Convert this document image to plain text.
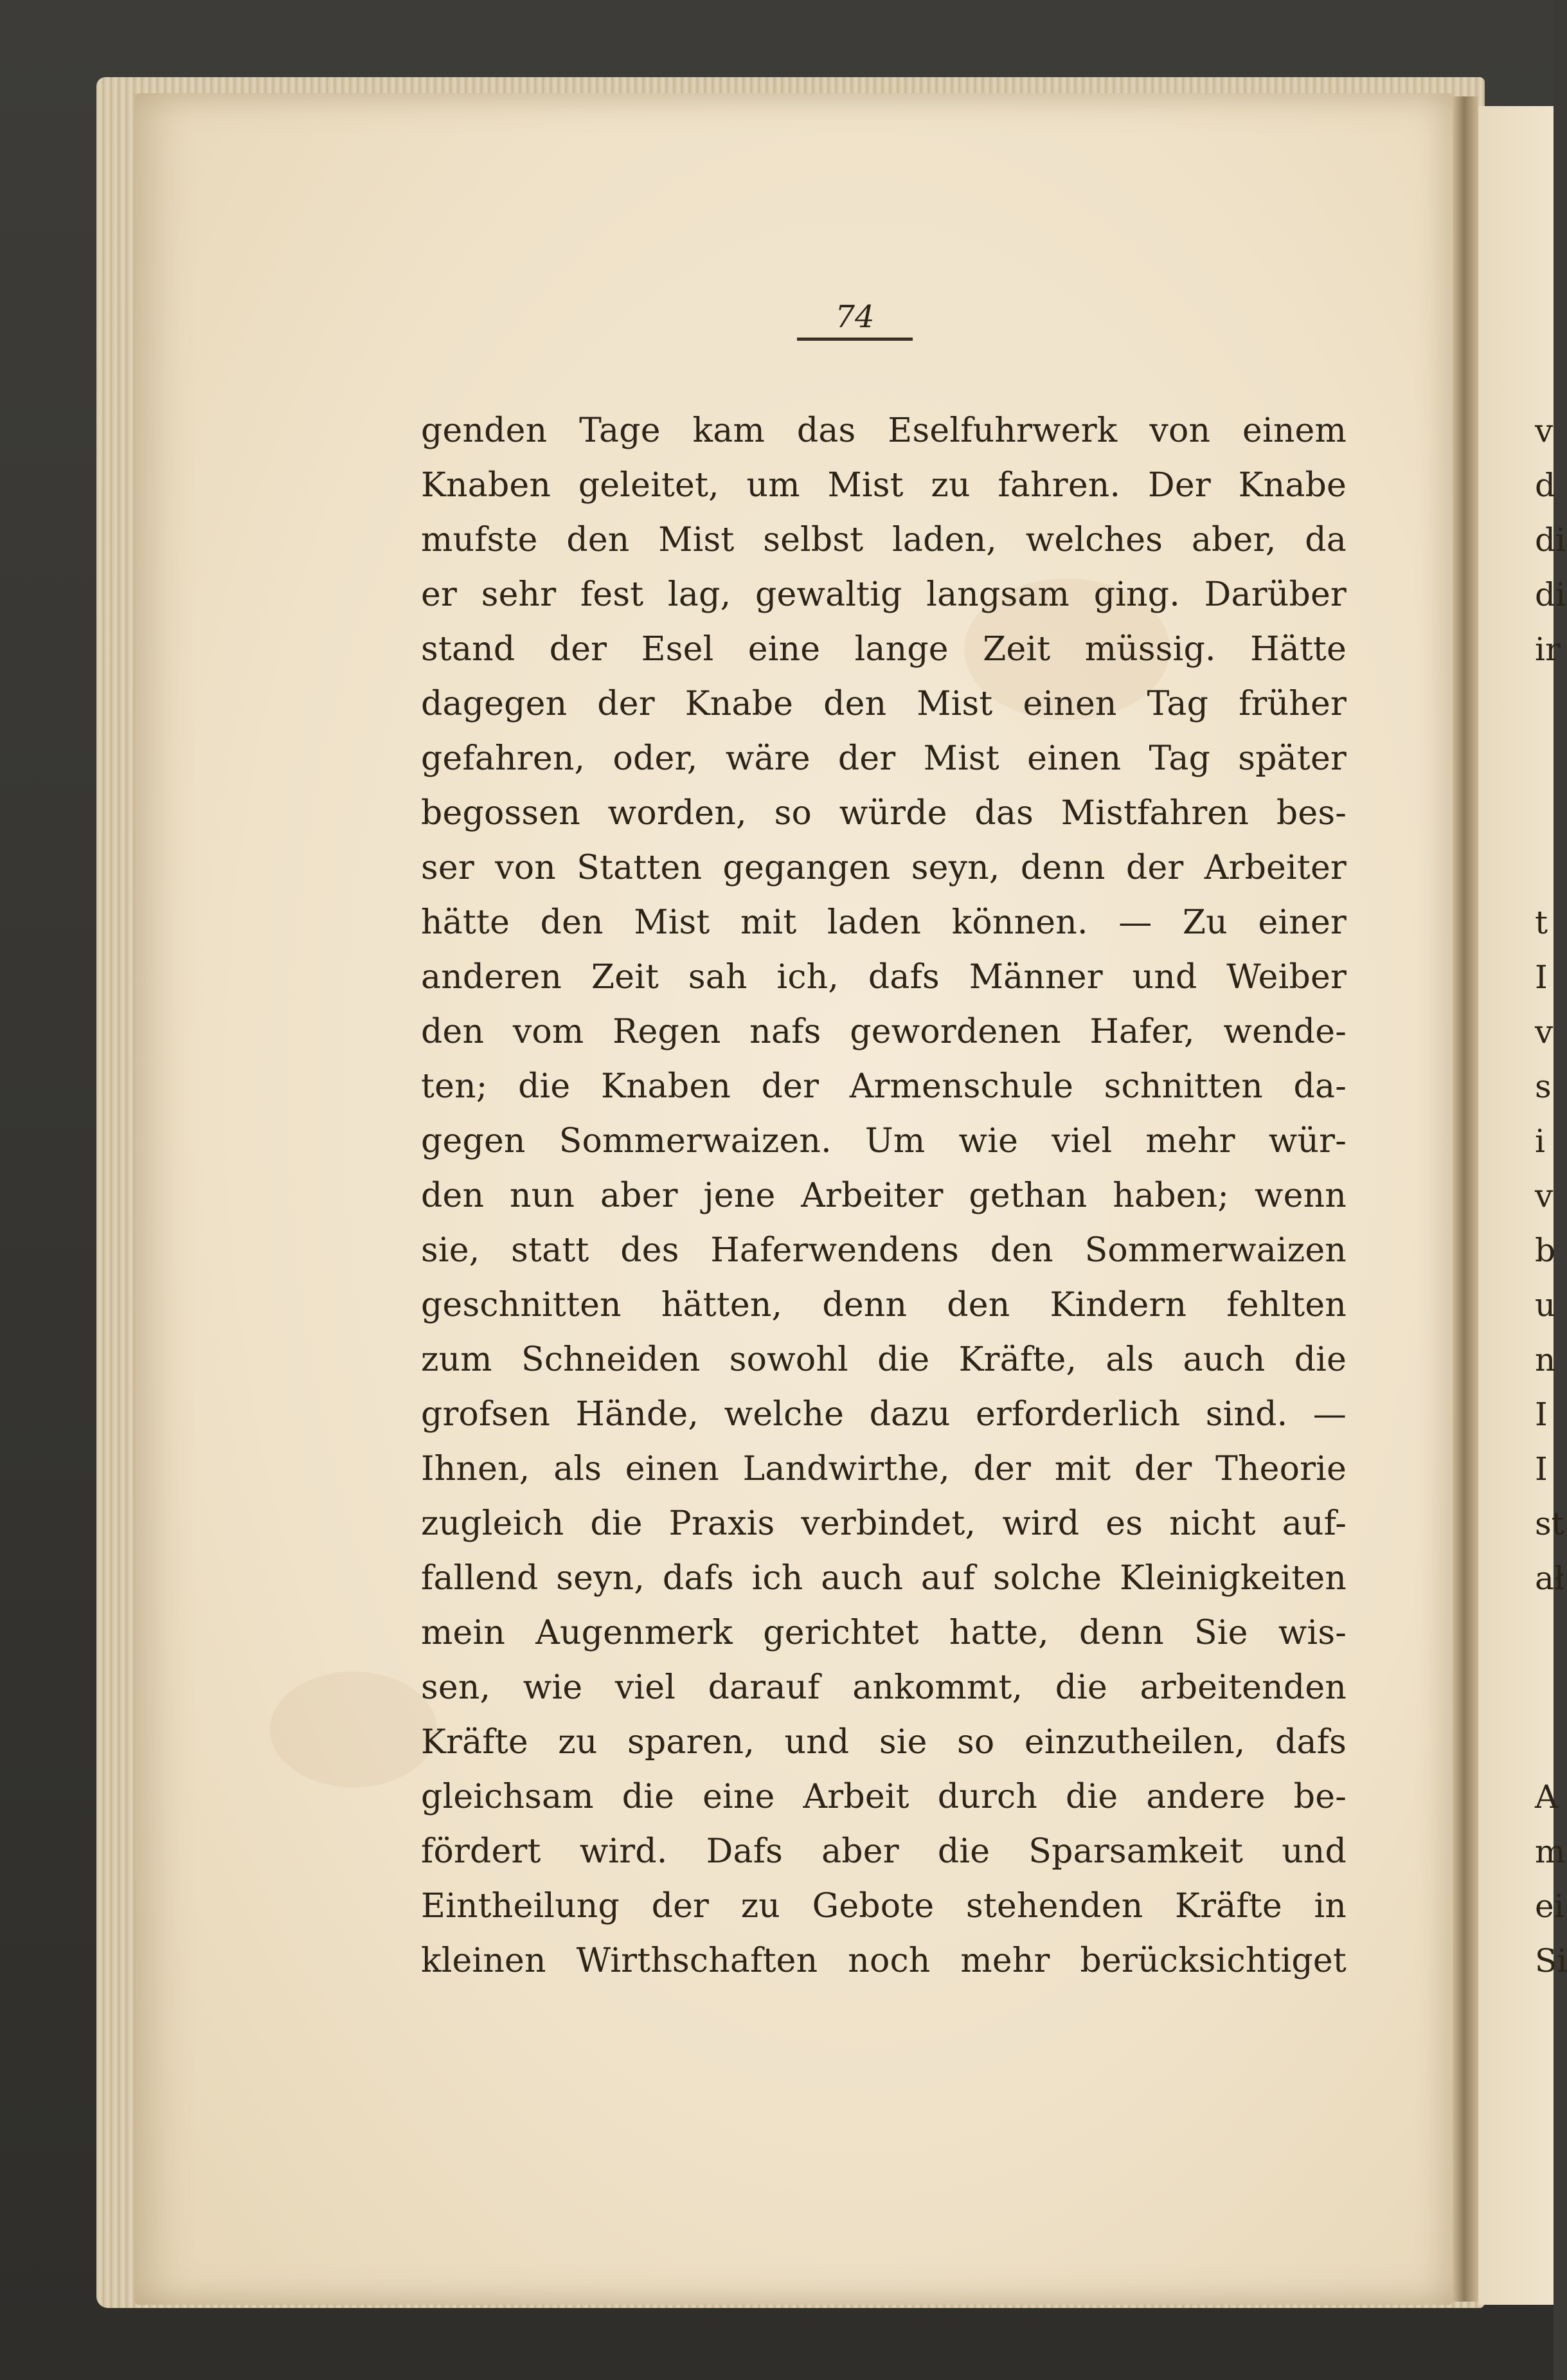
74
genden Tage kam das Eselfuhrwerk von einem
Knaben geleitet, um Mist zu fahren. Der Knabe
mufste den Mist selbst laden, welches aber, da
er sehr fest lag, gewaltig langsam ging. Darüber
stand der Esel eine lange Zeit müssig. Hätte
dagegen der Knabe den Mist einen Tag früher
gefahren, oder, wäre der Mist einen Tag später
begossen worden, so würde das Mistfahren bes-
ser von Statten gegangen seyn, denn der Arbeiter
hätte den Mist mit laden können. — Zu einer
anderen Zeit sah ich, dafs Männer und Weiber
den vom Regen nafs gewordenen Hafer, wende-
ten; die Knaben der Armenschule schnitten da-
gegen Sommerwaizen. Um wie viel mehr wür-
den nun aber jene Arbeiter gethan haben; wenn
sie, statt des Haferwendens den Sommerwaizen
geschnitten hätten, denn den Kindern fehlten
zum Schneiden sowohl die Kräfte, als auch die
grofsen Hände, welche dazu erforderlich sind. —
Ihnen, als einen Landwirthe, der mit der Theorie
zugleich die Praxis verbindet, wird es nicht auf-
fallend seyn, dafs ich auch auf solche Kleinigkeiten
mein Augenmerk gerichtet hatte, denn Sie wis-
sen, wie viel darauf ankommt, die arbeitenden
Kräfte zu sparen, und sie so einzutheilen, dafs
gleichsam die eine Arbeit durch die andere be-
fördert wird. Dafs aber die Sparsamkeit und
Eintheilung der zu Gebote stehenden Kräfte in
kleinen Wirthschaften noch mehr berücksichtiget
v
d
di
di
ir
t
I
v
s
i
v
b
u
n
I
I
st
ał
A
m
ei
Si
